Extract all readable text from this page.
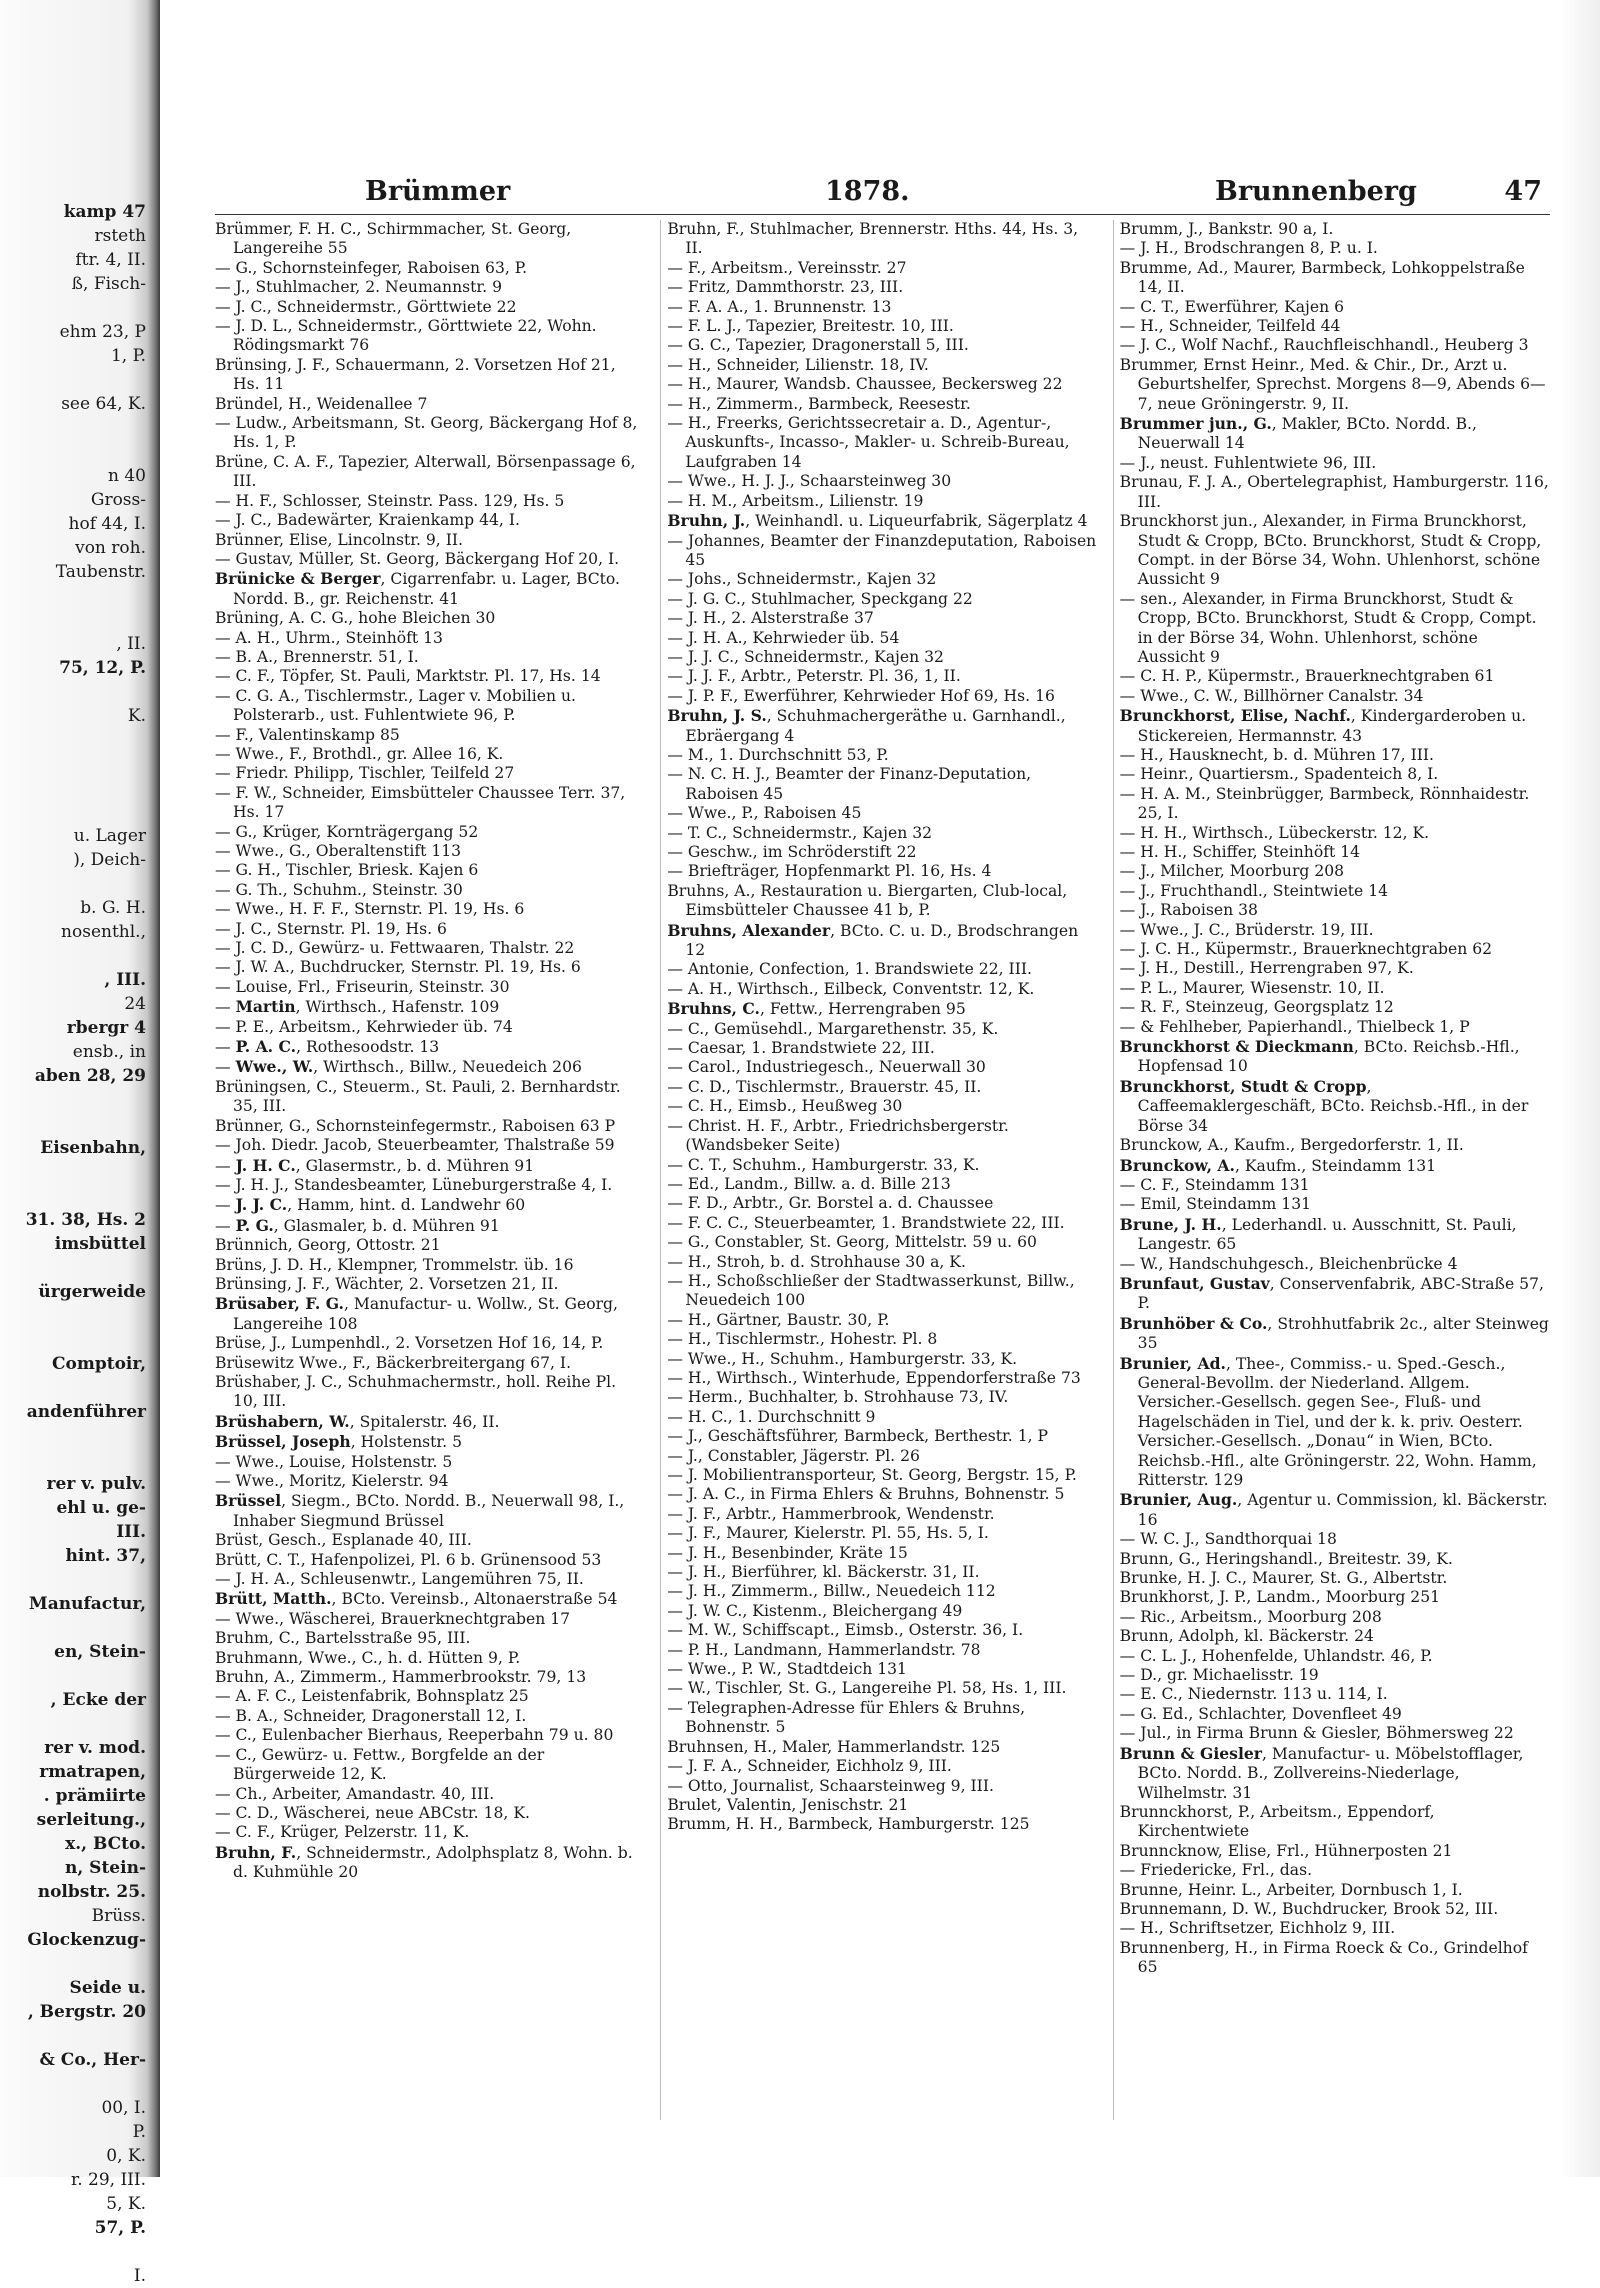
kamp 47
rsteth
ftr. 4, II.
ß, Fisch-
ehm 23, P
1, P.
see 64, K.
n 40
Gross-
hof 44, I.
von roh.
Taubenstr.
, II.
75, 12, P.
K.
u. Lager
), Deich-
b. G. H.
nosenthl.,
, III.
24
rbergr 4
ensb., in
aben 28, 29
Eisenbahn,
31. 38, Hs. 2
imsbüttel
ürgerweide
Comptoir,
andenführer
rer v. pulv.
ehl u. ge-
III.
hint. 37,
Manufactur,
en, Stein-
, Ecke der
rer v. mod.
rmatrapen,
. prämiirte
serleitung.,
x., BCto.
n, Stein-
nolbstr. 25.
Brüss.
Glockenzug-
Seide u.
, Bergstr. 20
& Co., Her-
00, I.
P.
0, K.
r. 29, III.
5, K.
57, P.
I.
Brümmer	1878.	Brunnenberg	47

Brümmer, F. H. C., Schirmmacher, St. Georg, Langereihe 55

— G., Schornsteinfeger, Raboisen 63, P.

— J., Stuhlmacher, 2. Neumannstr. 9

— J. C., Schneidermstr., Görttwiete 22

— J. D. L., Schneidermstr., Görttwiete 22, Wohn. Rödingsmarkt 76

Brünsing, J. F., Schauermann, 2. Vorsetzen Hof 21, Hs. 11

Bründel, H., Weidenallee 7

— Ludw., Arbeitsmann, St. Georg, Bäckergang Hof 8, Hs. 1, P.

Brüne, C. A. F., Tapezier, Alterwall, Börsenpassage 6, III.

— H. F., Schlosser, Steinstr. Pass. 129, Hs. 5

— J. C., Badewärter, Kraienkamp 44, I.

Brünner, Elise, Lincolnstr. 9, II.

— Gustav, Müller, St. Georg, Bäckergang Hof 20, I.

Brünicke & Berger, Cigarrenfabr. u. Lager, BCto. Nordd. B., gr. Reichenstr. 41

Brüning, A. C. G., hohe Bleichen 30

— A. H., Uhrm., Steinhöft 13

— B. A., Brennerstr. 51, I.

— C. F., Töpfer, St. Pauli, Marktstr. Pl. 17, Hs. 14

— C. G. A., Tischlermstr., Lager v. Mobilien u. Polsterarb., ust. Fuhlentwiete 96, P.

— F., Valentinskamp 85

— Wwe., F., Brothdl., gr. Allee 16, K.

— Friedr. Philipp, Tischler, Teilfeld 27

— F. W., Schneider, Eimsbütteler Chaussee Terr. 37, Hs. 17

— G., Krüger, Kornträgergang 52

— Wwe., G., Oberaltenstift 113

— G. H., Tischler, Briesk. Kajen 6

— G. Th., Schuhm., Steinstr. 30

— Wwe., H. F. F., Sternstr. Pl. 19, Hs. 6

— J. C., Sternstr. Pl. 19, Hs. 6

— J. C. D., Gewürz- u. Fettwaaren, Thalstr. 22

— J. W. A., Buchdrucker, Sternstr. Pl. 19, Hs. 6

— Louise, Frl., Friseurin, Steinstr. 30

— Martin, Wirthsch., Hafenstr. 109

— P. E., Arbeitsm., Kehrwieder üb. 74

— P. A. C., Rothesoodstr. 13

— Wwe., W., Wirthsch., Billw., Neuedeich 206

Brüningsen, C., Steuerm., St. Pauli, 2. Bernhardstr. 35, III.

Brünner, G., Schornsteinfegermstr., Raboisen 63 P

— Joh. Diedr. Jacob, Steuerbeamter, Thalstraße 59

— J. H. C., Glasermstr., b. d. Mühren 91

— J. H. J., Standesbeamter, Lüneburgerstraße 4, I.

— J. J. C., Hamm, hint. d. Landwehr 60

— P. G., Glasmaler, b. d. Mühren 91

Brünnich, Georg, Ottostr. 21

Brüns, J. D. H., Klempner, Trommelstr. üb. 16

Brünsing, J. F., Wächter, 2. Vorsetzen 21, II.

Brüsaber, F. G., Manufactur- u. Wollw., St. Georg, Langereihe 108

Brüse, J., Lumpenhdl., 2. Vorsetzen Hof 16, 14, P.

Brüsewitz Wwe., F., Bäckerbreitergang 67, I.

Brüshaber, J. C., Schuhmachermstr., holl. Reihe Pl. 10, III.

Brüshabern, W., Spitalerstr. 46, II.

Brüssel, Joseph, Holstenstr. 5

— Wwe., Louise, Holstenstr. 5

— Wwe., Moritz, Kielerstr. 94

Brüssel, Siegm., BCto. Nordd. B., Neuerwall 98, I., Inhaber Siegmund Brüssel

Brüst, Gesch., Esplanade 40, III.

Brütt, C. T., Hafenpolizei, Pl. 6 b. Grünensood 53

— J. H. A., Schleusenwtr., Langemühren 75, II.

Brütt, Matth., BCto. Vereinsb., Altonaerstraße 54

— Wwe., Wäscherei, Brauerknechtgraben 17

Bruhm, C., Bartelsstraße 95, III.

Bruhmann, Wwe., C., h. d. Hütten 9, P.

Bruhn, A., Zimmerm., Hammerbrookstr. 79, 13

— A. F. C., Leistenfabrik, Bohnsplatz 25

— B. A., Schneider, Dragonerstall 12, I.

— C., Eulenbacher Bierhaus, Reeperbahn 79 u. 80

— C., Gewürz- u. Fettw., Borgfelde an der Bürgerweide 12, K.

— Ch., Arbeiter, Amandastr. 40, III.

— C. D., Wäscherei, neue ABCstr. 18, K.

— C. F., Krüger, Pelzerstr. 11, K.

Bruhn, F., Schneidermstr., Adolphsplatz 8, Wohn. b. d. Kuhmühle 20

Bruhn, F., Stuhlmacher, Brennerstr. Hths. 44, Hs. 3, II.

— F., Arbeitsm., Vereinsstr. 27

— Fritz, Dammthorstr. 23, III.

— F. A. A., 1. Brunnenstr. 13

— F. L. J., Tapezier, Breitestr. 10, III.

— G. C., Tapezier, Dragonerstall 5, III.

— H., Schneider, Lilienstr. 18, IV.

— H., Maurer, Wandsb. Chaussee, Beckersweg 22

— H., Zimmerm., Barmbeck, Reesestr.

— H., Freerks, Gerichtssecretair a. D., Agentur-, Auskunfts-, Incasso-, Makler- u. Schreib-Bureau, Laufgraben 14

— Wwe., H. J. J., Schaarsteinweg 30

— H. M., Arbeitsm., Lilienstr. 19

Bruhn, J., Weinhandl. u. Liqueurfabrik, Sägerplatz 4

— Johannes, Beamter der Finanzdeputation, Raboisen 45

— Johs., Schneidermstr., Kajen 32

— J. G. C., Stuhlmacher, Speckgang 22

— J. H., 2. Alsterstraße 37

— J. H. A., Kehrwieder üb. 54

— J. J. C., Schneidermstr., Kajen 32

— J. J. F., Arbtr., Peterstr. Pl. 36, 1, II.

— J. P. F., Ewerführer, Kehrwieder Hof 69, Hs. 16

Bruhn, J. S., Schuhmachergeräthe u. Garnhandl., Ebräergang 4

— M., 1. Durchschnitt 53, P.

— N. C. H. J., Beamter der Finanz-Deputation, Raboisen 45

— Wwe., P., Raboisen 45

— T. C., Schneidermstr., Kajen 32

— Geschw., im Schröderstift 22

— Briefträger, Hopfenmarkt Pl. 16, Hs. 4

Bruhns, A., Restauration u. Biergarten, Club-local, Eimsbütteler Chaussee 41 b, P.

Bruhns, Alexander, BCto. C. u. D., Brodschrangen 12

— Antonie, Confection, 1. Brandswiete 22, III.

— A. H., Wirthsch., Eilbeck, Conventstr. 12, K.

Bruhns, C., Fettw., Herrengraben 95

— C., Gemüsehdl., Margarethenstr. 35, K.

— Caesar, 1. Brandstwiete 22, III.

— Carol., Industriegesch., Neuerwall 30

— C. D., Tischlermstr., Brauerstr. 45, II.

— C. H., Eimsb., Heußweg 30

— Christ. H. F., Arbtr., Friedrichsbergerstr. (Wandsbeker Seite)

— C. T., Schuhm., Hamburgerstr. 33, K.

— Ed., Landm., Billw. a. d. Bille 213

— F. D., Arbtr., Gr. Borstel a. d. Chaussee

— F. C. C., Steuerbeamter, 1. Brandstwiete 22, III.

— G., Constabler, St. Georg, Mittelstr. 59 u. 60

— H., Stroh, b. d. Strohhause 30 a, K.

— H., Schoßschließer der Stadtwasserkunst, Billw., Neuedeich 100

— H., Gärtner, Baustr. 30, P.

— H., Tischlermstr., Hohestr. Pl. 8

— Wwe., H., Schuhm., Hamburgerstr. 33, K.

— H., Wirthsch., Winterhude, Eppendorferstraße 73

— Herm., Buchhalter, b. Strohhause 73, IV.

— H. C., 1. Durchschnitt 9

— J., Geschäftsführer, Barmbeck, Berthestr. 1, P

— J., Constabler, Jägerstr. Pl. 26

— J. Mobilientransporteur, St. Georg, Bergstr. 15, P.

— J. A. C., in Firma Ehlers & Bruhns, Bohnenstr. 5

— J. F., Arbtr., Hammerbrook, Wendenstr.

— J. F., Maurer, Kielerstr. Pl. 55, Hs. 5, I.

— J. H., Besenbinder, Kräte 15

— J. H., Bierführer, kl. Bäckerstr. 31, II.

— J. H., Zimmerm., Billw., Neuedeich 112

— J. W. C., Kistenm., Bleichergang 49

— M. W., Schiffscapt., Eimsb., Osterstr. 36, I.

— P. H., Landmann, Hammerlandstr. 78

— Wwe., P. W., Stadtdeich 131

— W., Tischler, St. G., Langereihe Pl. 58, Hs. 1, III.

— Telegraphen-Adresse für Ehlers & Bruhns, Bohnenstr. 5

Bruhnsen, H., Maler, Hammerlandstr. 125

— J. F. A., Schneider, Eichholz 9, III.

— Otto, Journalist, Schaarsteinweg 9, III.

Brulet, Valentin, Jenischstr. 21

Brumm, H. H., Barmbeck, Hamburgerstr. 125

Brumm, J., Bankstr. 90 a, I.

— J. H., Brodschrangen 8, P. u. I.

Brumme, Ad., Maurer, Barmbeck, Lohkoppelstraße 14, II.

— C. T., Ewerführer, Kajen 6

— H., Schneider, Teilfeld 44

— J. C., Wolf Nachf., Rauchfleischhandl., Heuberg 3

Brummer, Ernst Heinr., Med. & Chir., Dr., Arzt u. Geburtshelfer, Sprechst. Morgens 8—9, Abends 6—7, neue Gröningerstr. 9, II.

Brummer jun., G., Makler, BCto. Nordd. B., Neuerwall 14

— J., neust. Fuhlentwiete 96, III.

Brunau, F. J. A., Obertelegraphist, Hamburgerstr. 116, III.

Brunckhorst jun., Alexander, in Firma Brunckhorst, Studt & Cropp, BCto. Brunckhorst, Studt & Cropp, Compt. in der Börse 34, Wohn. Uhlenhorst, schöne Aussicht 9

— sen., Alexander, in Firma Brunckhorst, Studt & Cropp, BCto. Brunckhorst, Studt & Cropp, Compt. in der Börse 34, Wohn. Uhlenhorst, schöne Aussicht 9

— C. H. P., Küpermstr., Brauerknechtgraben 61

— Wwe., C. W., Billhörner Canalstr. 34

Brunckhorst, Elise, Nachf., Kindergarderoben u. Stickereien, Hermannstr. 43

— H., Hausknecht, b. d. Mühren 17, III.

— Heinr., Quartiersm., Spadenteich 8, I.

— H. A. M., Steinbrügger, Barmbeck, Rönnhaidestr. 25, I.

— H. H., Wirthsch., Lübeckerstr. 12, K.

— H. H., Schiffer, Steinhöft 14

— J., Milcher, Moorburg 208

— J., Fruchthandl., Steintwiete 14

— J., Raboisen 38

— Wwe., J. C., Brüderstr. 19, III.

— J. C. H., Küpermstr., Brauerknechtgraben 62

— J. H., Destill., Herrengraben 97, K.

— P. L., Maurer, Wiesenstr. 10, II.

— R. F., Steinzeug, Georgsplatz 12

— & Fehlheber, Papierhandl., Thielbeck 1, P

Brunckhorst & Dieckmann, BCto. Reichsb.-Hfl., Hopfensad 10

Brunckhorst, Studt & Cropp, Caffeemaklergeschäft, BCto. Reichsb.-Hfl., in der Börse 34

Brunckow, A., Kaufm., Bergedorferstr. 1, II.

Brunckow, A., Kaufm., Steindamm 131

— C. F., Steindamm 131

— Emil, Steindamm 131

Brune, J. H., Lederhandl. u. Ausschnitt, St. Pauli, Langestr. 65

— W., Handschuhgesch., Bleichenbrücke 4

Brunfaut, Gustav, Conservenfabrik, ABC-Straße 57, P.

Brunhöber & Co., Strohhutfabrik 2c., alter Steinweg 35

Brunier, Ad., Thee-, Commiss.- u. Sped.-Gesch., General-Bevollm. der Niederland. Allgem. Versicher.-Gesellsch. gegen See-, Fluß- und Hagelschäden in Tiel, und der k. k. priv. Oesterr. Versicher.-Gesellsch. „Donau“ in Wien, BCto. Reichsb.-Hfl., alte Gröningerstr. 22, Wohn. Hamm, Ritterstr. 129

Brunier, Aug., Agentur u. Commission, kl. Bäckerstr. 16

— W. C. J., Sandthorquai 18

Brunn, G., Heringshandl., Breitestr. 39, K.

Brunke, H. J. C., Maurer, St. G., Albertstr.

Brunkhorst, J. P., Landm., Moorburg 251

— Ric., Arbeitsm., Moorburg 208

Brunn, Adolph, kl. Bäckerstr. 24

— C. L. J., Hohenfelde, Uhlandstr. 46, P.

— D., gr. Michaelisstr. 19

— E. C., Niedernstr. 113 u. 114, I.

— G. Ed., Schlachter, Dovenfleet 49

— Jul., in Firma Brunn & Giesler, Böhmersweg 22

Brunn & Giesler, Manufactur- u. Möbelstofflager, BCto. Nordd. B., Zollvereins-Niederlage, Wilhelmstr. 31

Brunnckhorst, P., Arbeitsm., Eppendorf, Kirchentwiete

Brunncknow, Elise, Frl., Hühnerposten 21

— Friedericke, Frl., das.

Brunne, Heinr. L., Arbeiter, Dornbusch 1, I.

Brunnemann, D. W., Buchdrucker, Brook 52, III.

— H., Schriftsetzer, Eichholz 9, III.

Brunnenberg, H., in Firma Roeck & Co., Grindelhof 65
